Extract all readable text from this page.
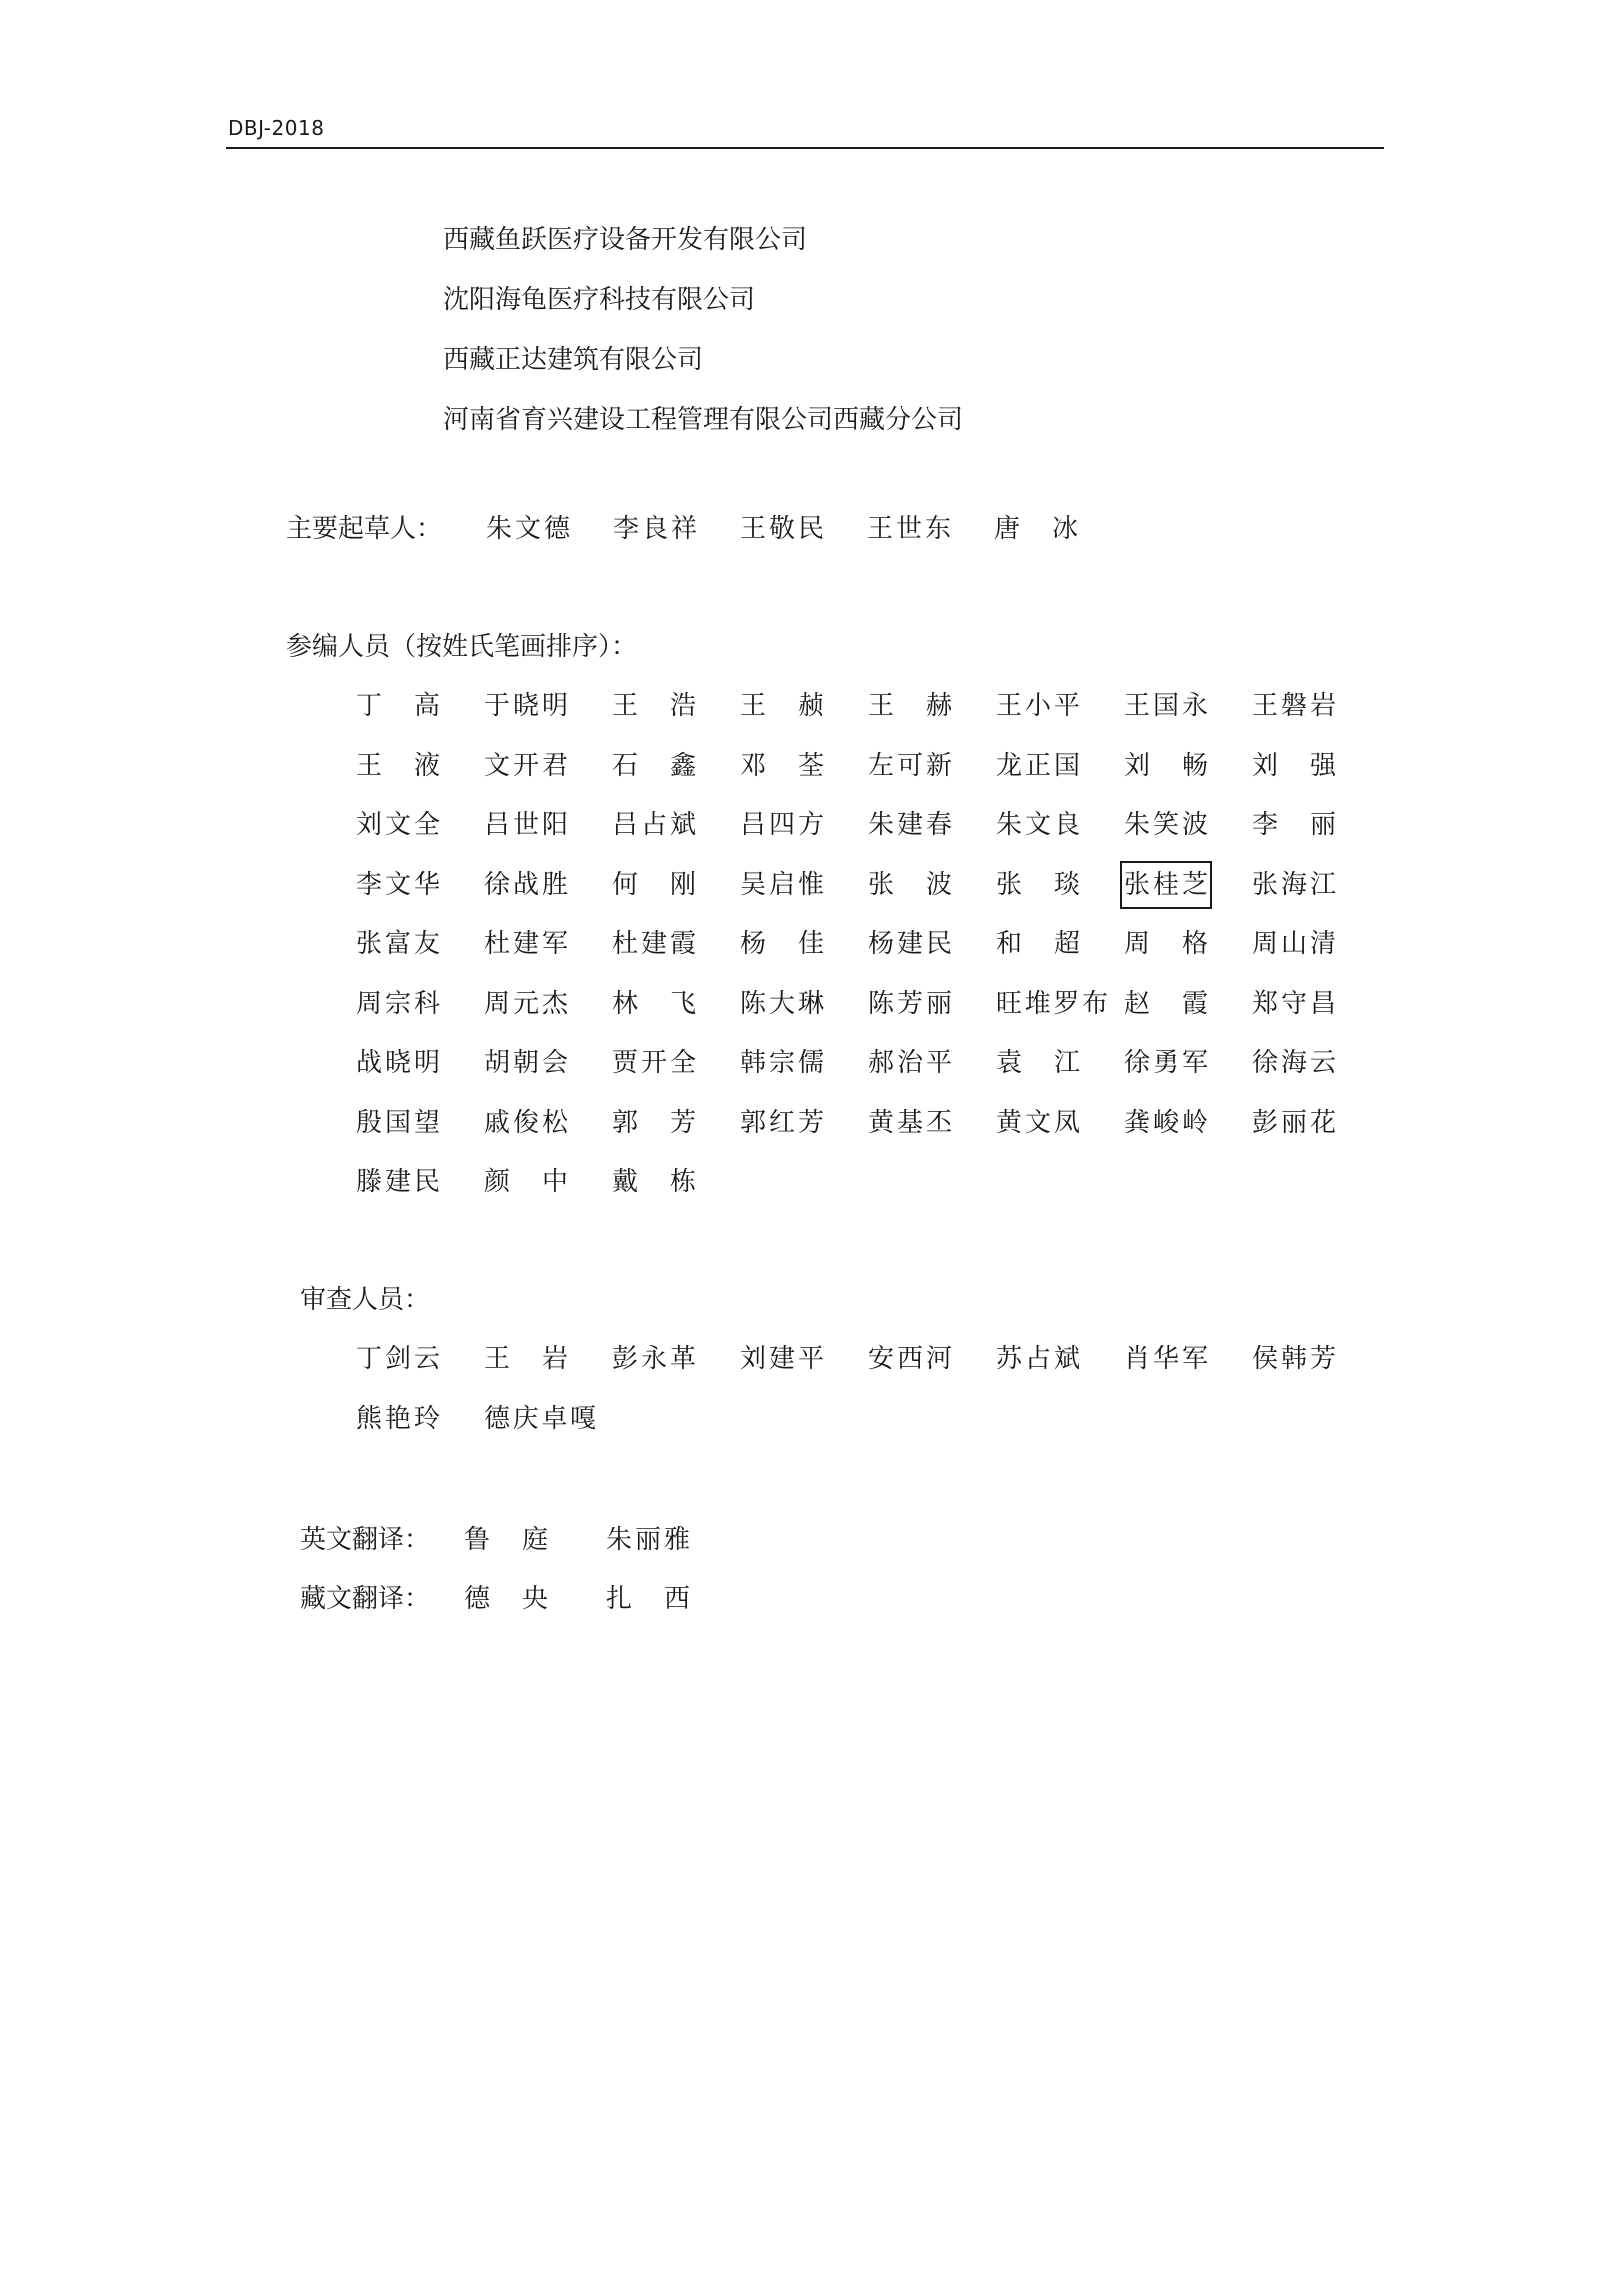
DBJ-2018
西藏鱼跃医疗设备开发有限公司
沈阳海龟医疗科技有限公司
西藏正达建筑有限公司
河南省育兴建设工程管理有限公司西藏分公司
主要起草人： 朱文德 李良祥 王敬民 王世东 唐冰
参编人员（按姓氏笔画排序）：
丁高 于晓明 王浩 王赪 王赫 王小平 王国永 王磐岩
王液 文开君 石鑫 邓荃 左可新 龙正国 刘畅 刘强
刘文全 吕世阳 吕占斌 吕四方 朱建春 朱文良 朱笑波 李丽
李文华 徐战胜 何刚 吴启惟 张波 张琰 张桂芝 张海江
张富友 杜建军 杜建霞 杨佳 杨建民 和超 周格 周山清
周宗科 周元杰 林飞 陈大琳 陈芳丽 旺堆罗布 赵霞 郑守昌
战晓明 胡朝会 贾开全 韩宗儒 郝治平 袁江 徐勇军 徐海云
殷国望 戚俊松 郭芳 郭红芳 黄基丕 黄文凤 龚峻岭 彭丽花
滕建民 颜中 戴栋
审查人员：
丁剑云 王岩 彭永革 刘建平 安西河 苏占斌 肖华军 侯韩芳
熊艳玲 德庆卓嘎
英文翻译：	鲁庭 朱丽雅
藏文翻译：	德央 扎西
